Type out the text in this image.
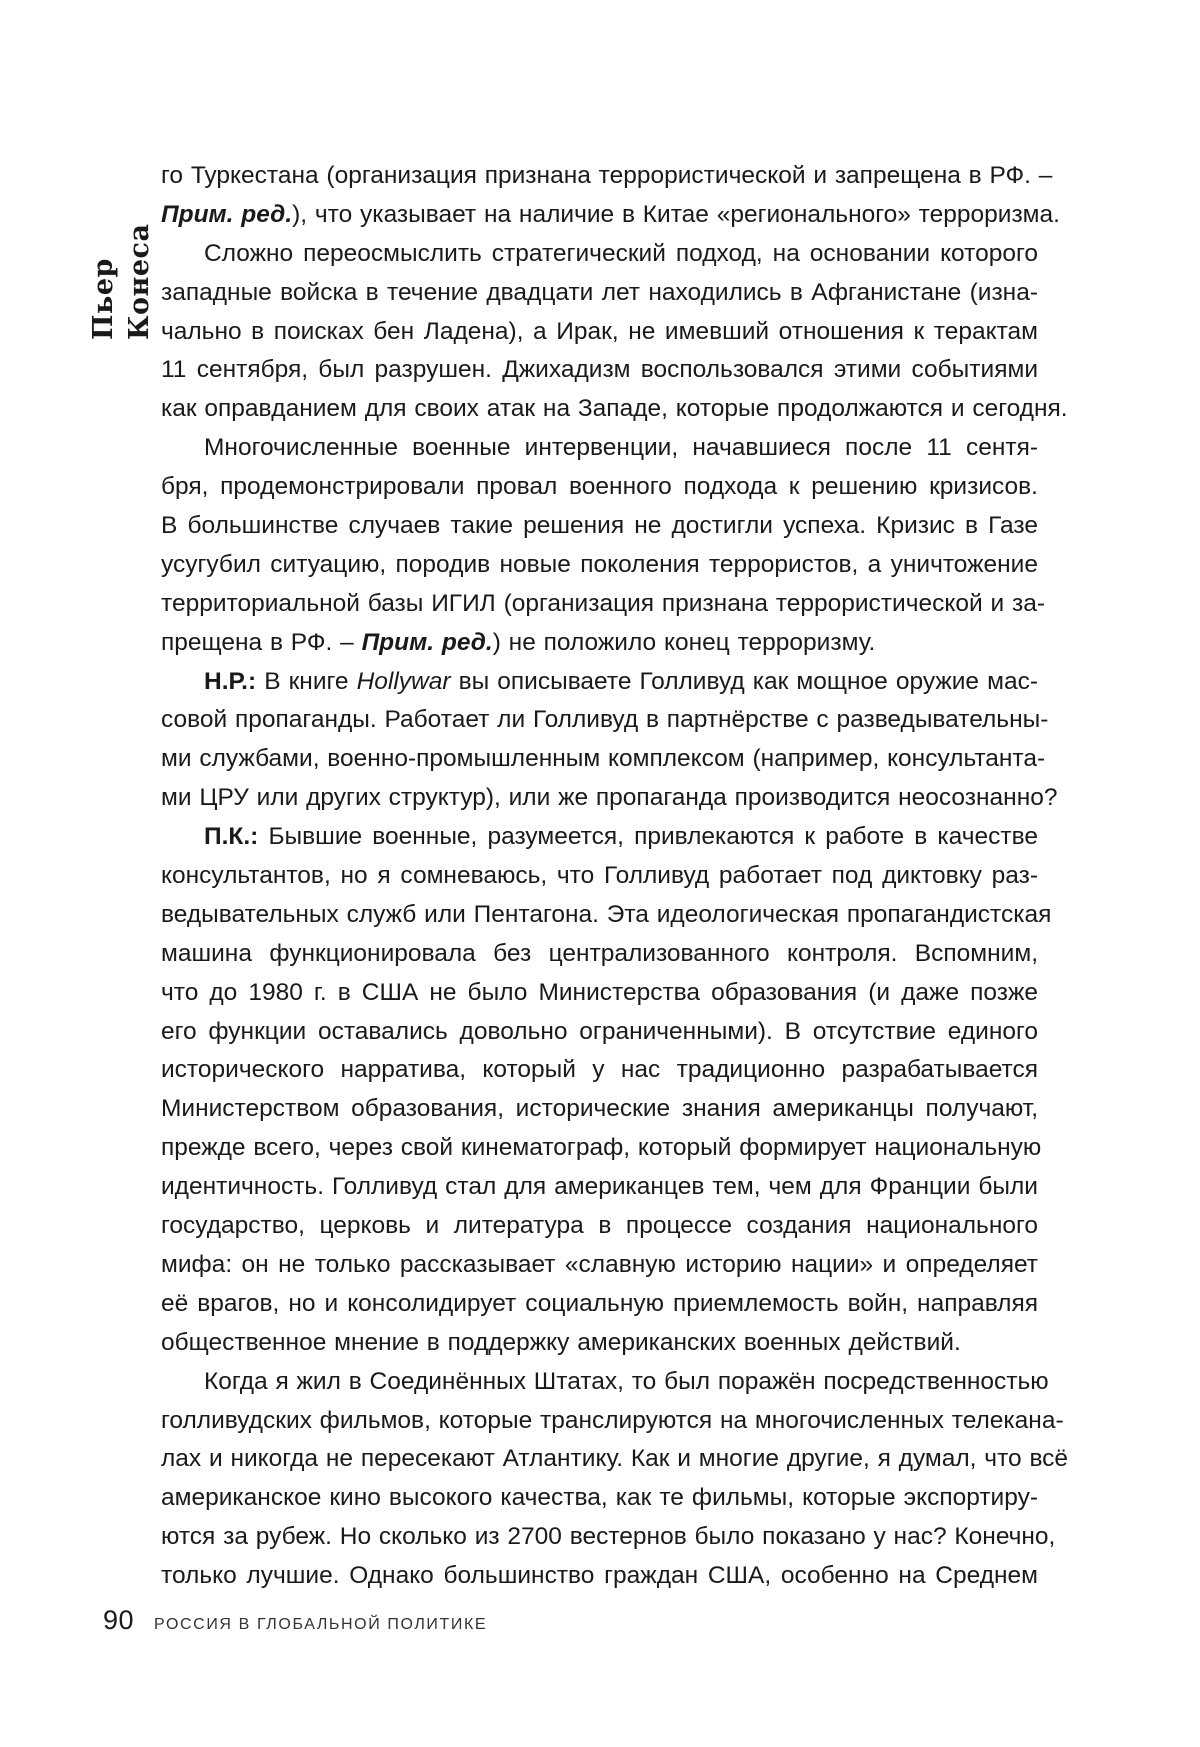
Пьер Конеса
го Туркестана (организация признана террористической и запрещена в РФ. –
Прим. ред.), что указывает на наличие в Китае «регионального» терроризма.
Сложно переосмыслить стратегический подход, на основании которого
западные войска в течение двадцати лет находились в Афганистане (изна-
чально в поисках бен Ладена), а Ирак, не имевший отношения к терактам
11 сентября, был разрушен. Джихадизм воспользовался этими событиями
как оправданием для своих атак на Западе, которые продолжаются и сегодня.
Многочисленные военные интервенции, начавшиеся после 11 сентя-
бря, продемонстрировали провал военного подхода к решению кризисов.
В большинстве случаев такие решения не достигли успеха. Кризис в Газе
усугубил ситуацию, породив новые поколения террористов, а уничтожение
территориальной базы ИГИЛ (организация признана террористической и за-
прещена в РФ. – Прим. ред.) не положило конец терроризму.
Н.Р.: В книге Hollywar вы описываете Голливуд как мощное оружие мас-
совой пропаганды. Работает ли Голливуд в партнёрстве с разведывательны-
ми службами, военно-промышленным комплексом (например, консультанта-
ми ЦРУ или других структур), или же пропаганда производится неосознанно?
П.К.: Бывшие военные, разумеется, привлекаются к работе в качестве
консультантов, но я сомневаюсь, что Голливуд работает под диктовку раз-
ведывательных служб или Пентагона. Эта идеологическая пропагандистская
машина функционировала без централизованного контроля. Вспомним,
что до 1980 г. в США не было Министерства образования (и даже позже
его функции оставались довольно ограниченными). В отсутствие единого
исторического нарратива, который у нас традиционно разрабатывается
Министерством образования, исторические знания американцы получают,
прежде всего, через свой кинематограф, который формирует национальную
идентичность. Голливуд стал для американцев тем, чем для Франции были
государство, церковь и литература в процессе создания национального
мифа: он не только рассказывает «славную историю нации» и определяет
её врагов, но и консолидирует социальную приемлемость войн, направляя
общественное мнение в поддержку американских военных действий.
Когда я жил в Соединённых Штатах, то был поражён посредственностью
голливудских фильмов, которые транслируются на многочисленных телекана-
лах и никогда не пересекают Атлантику. Как и многие другие, я думал, что всё
американское кино высокого качества, как те фильмы, которые экспортиру-
ются за рубеж. Но сколько из 2700 вестернов было показано у нас? Конечно,
только лучшие. Однако большинство граждан США, особенно на Среднем
90 РОССИЯ В ГЛОБАЛЬНОЙ ПОЛИТИКЕ
